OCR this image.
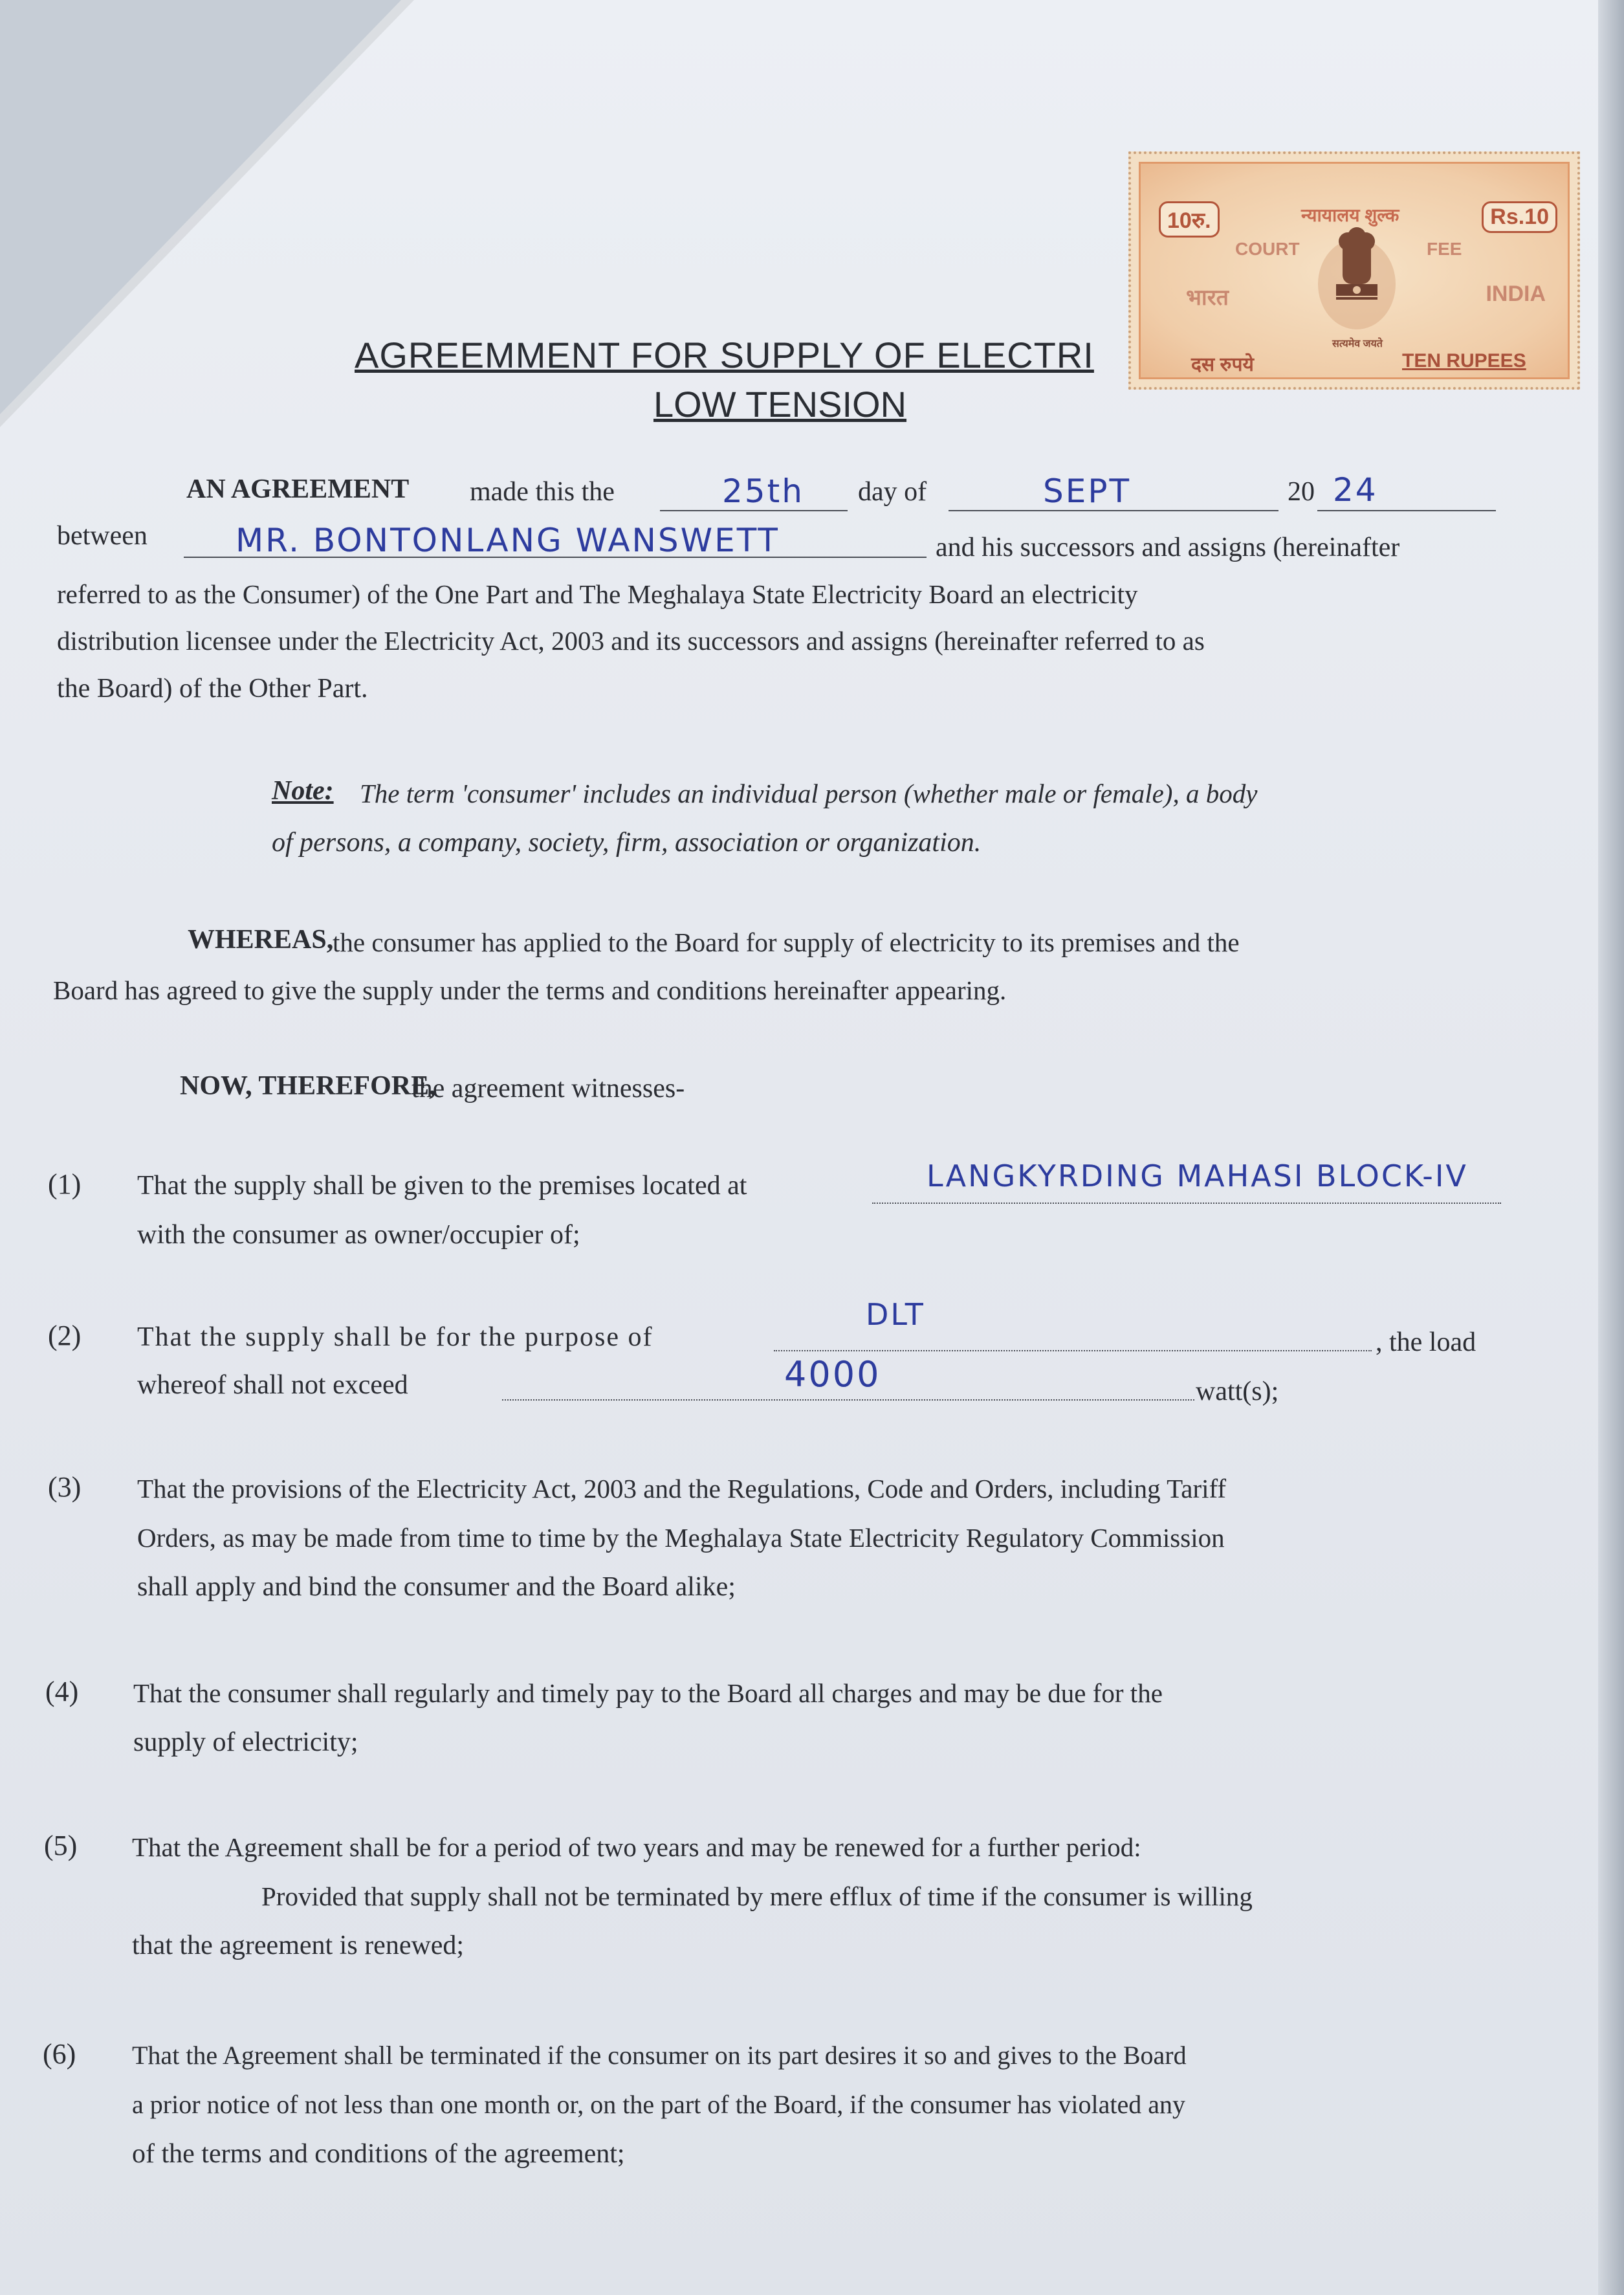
10रु.	न्यायालय शुल्क	Rs.10
COURT	FEE
भारत	INDIA
सत्यमेव जयते
दस रुपये	TEN RUPEES
AGREEMMENT FOR SUPPLY OF ELECTRI
LOW TENSION
AN AGREEMENT made this the	25th day of	SEPT	20 24
between	MR. BONTONLANG WANSWETT	and his successors and assigns (hereinafter
referred to as the Consumer) of the One Part and The Meghalaya State Electricity Board an electricity
distribution licensee under the Electricity Act, 2003 and its successors and assigns (hereinafter referred to as
the Board) of the Other Part.
Note: The term 'consumer' includes an individual person (whether male or female), a body
of persons, a company, society, firm, association or organization.
WHEREAS,
the consumer has applied to the Board for supply of electricity to its premises and the
Board has agreed to give the supply under the terms and conditions hereinafter appearing.
NOW, THEREFORE,
the agreement witnesses-
(1) That the supply shall be given to the premises located at	LANGKYRDING MAHASI BLOCK-IV
with the consumer as owner/occupier of;
(2) That the supply shall be for the purpose of
DLT
, the load
whereof shall not exceed	4000	watt(s);
(3) That the provisions of the Electricity Act, 2003 and the Regulations, Code and Orders, including Tariff
Orders, as may be made from time to time by the Meghalaya State Electricity Regulatory Commission
shall apply and bind the consumer and the Board alike;
(4) That the consumer shall regularly and timely pay to the Board all charges and may be due for the
supply of electricity;
(5) That the Agreement shall be for a period of two years and may be renewed for a further period:
Provided that supply shall not be terminated by mere efflux of time if the consumer is willing
that the agreement is renewed;
(6) That the Agreement shall be terminated if the consumer on its part desires it so and gives to the Board
a prior notice of not less than one month or, on the part of the Board, if the consumer has violated any
of the terms and conditions of the agreement;
